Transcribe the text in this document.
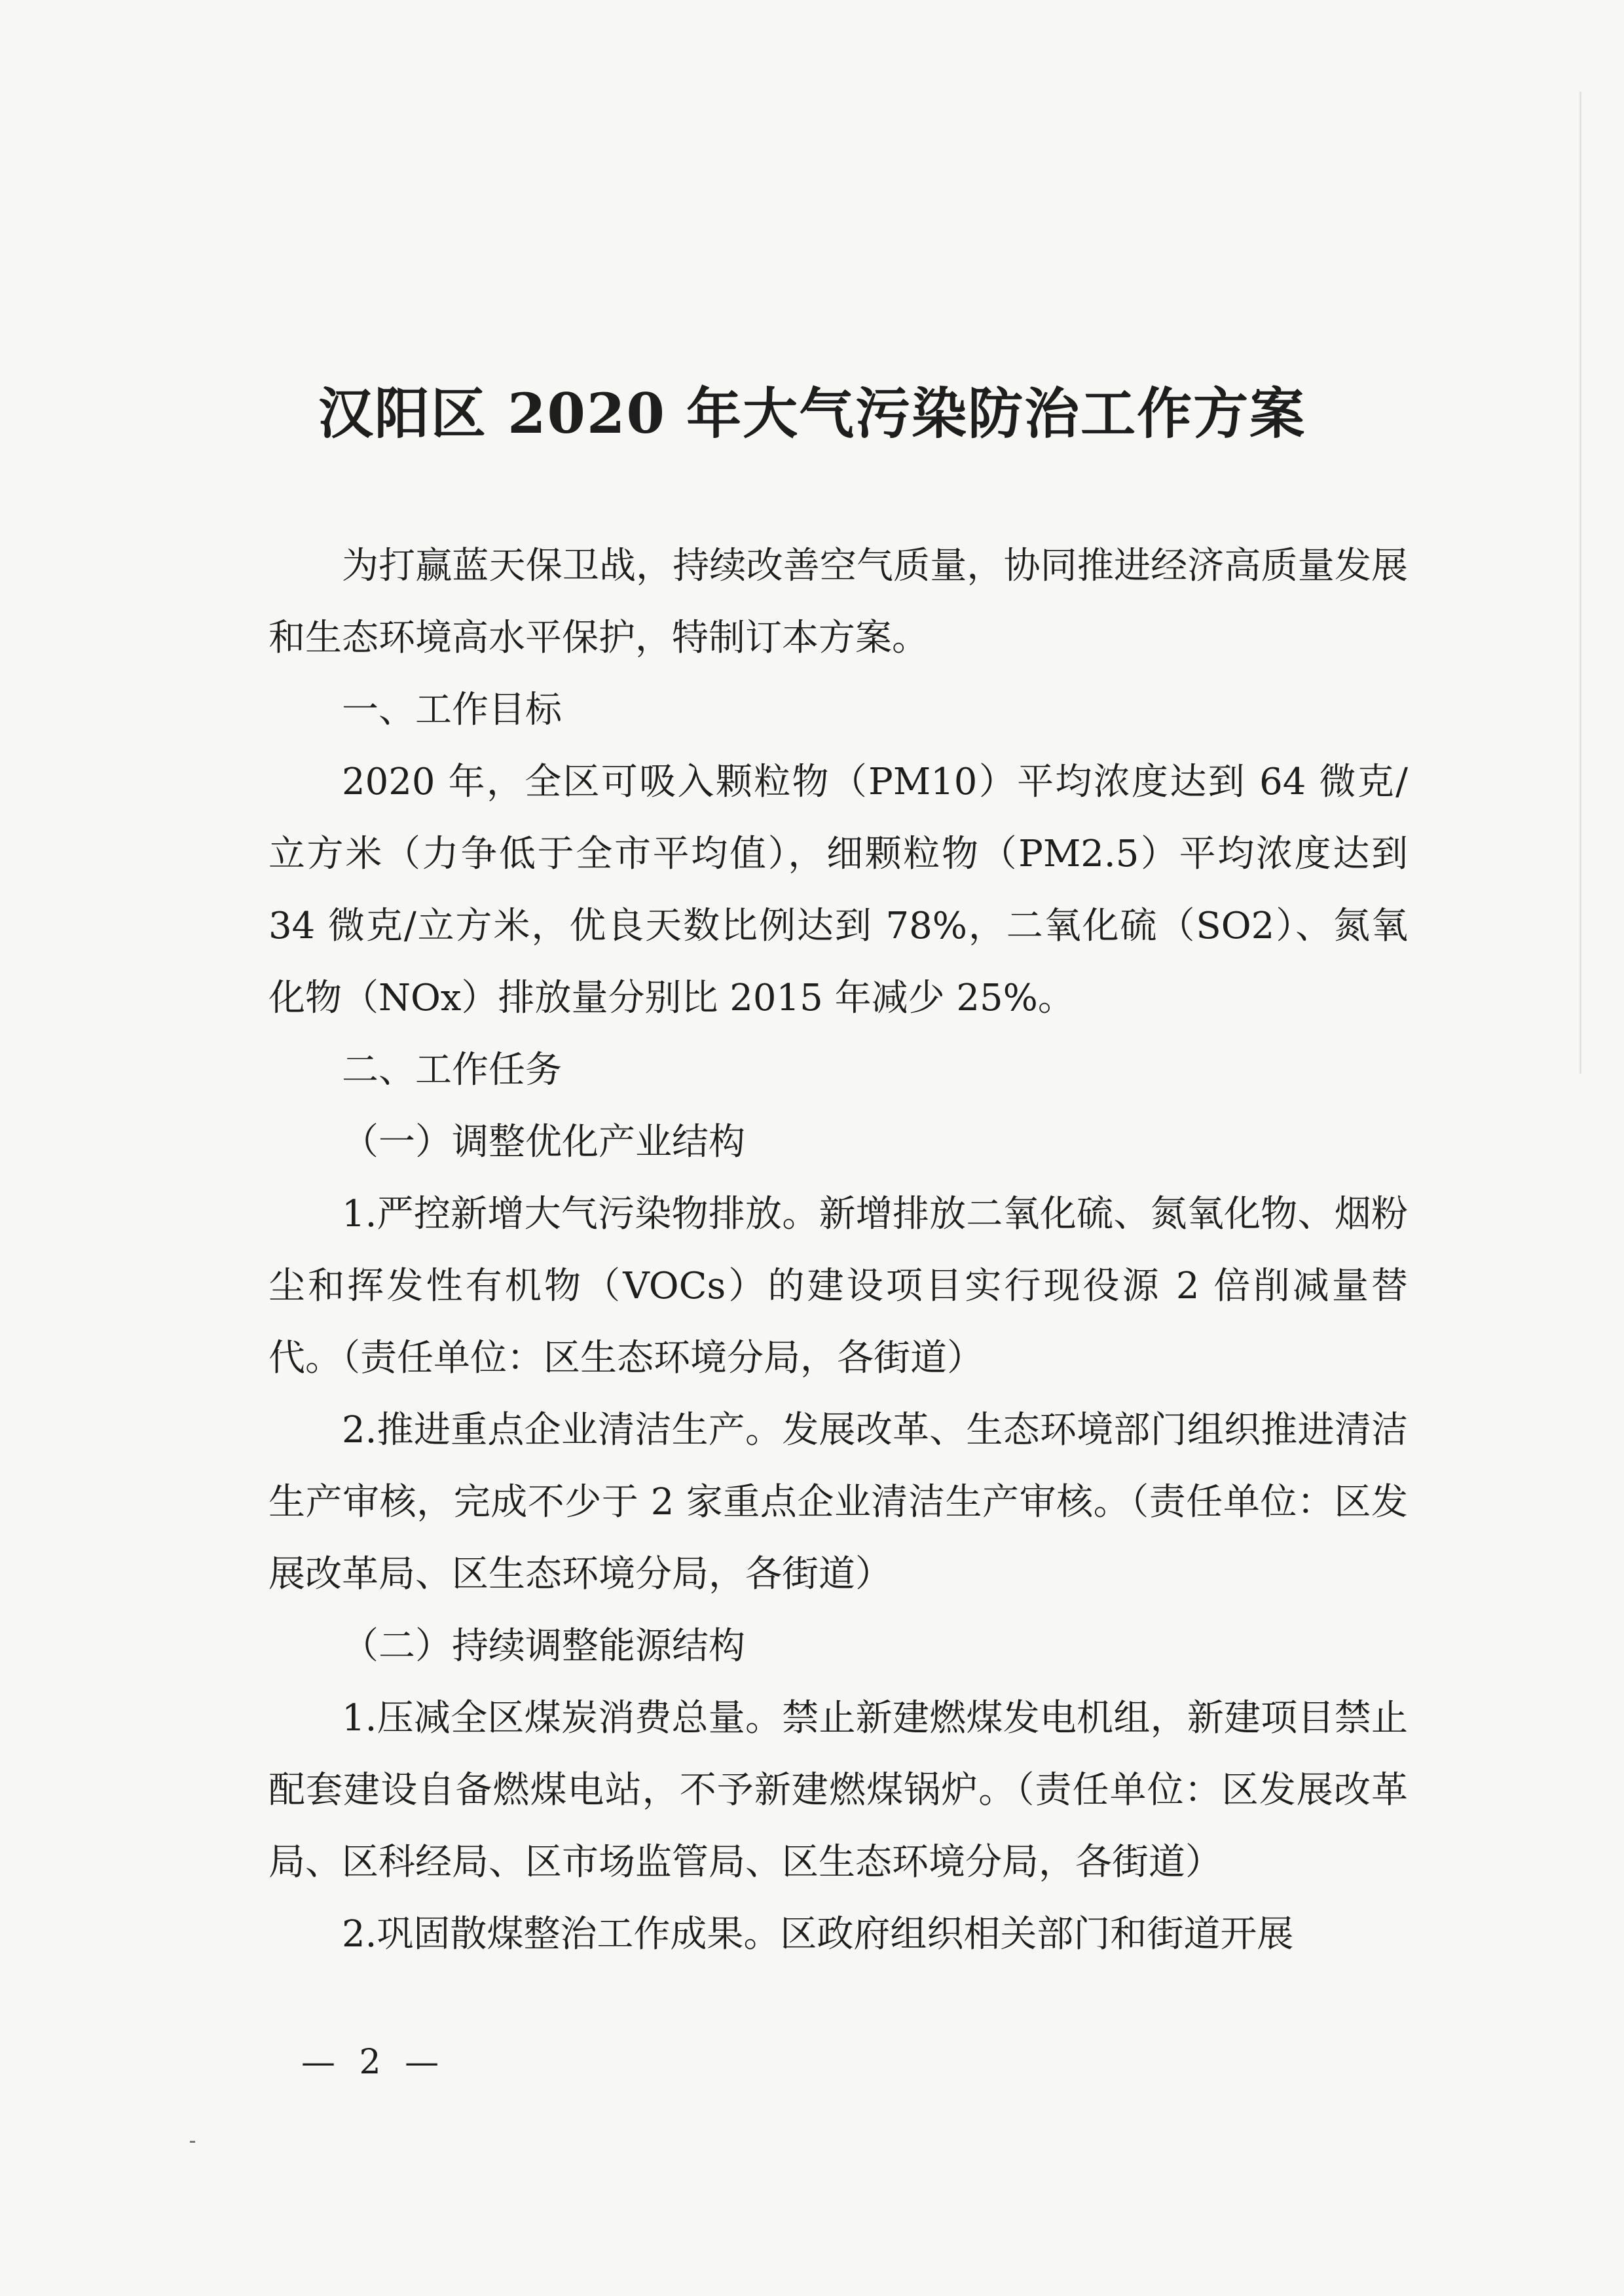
汉阳区 2020 年大气污染防治工作方案

为打赢蓝天保卫战，持续改善空气质量，协同推进经济高质量发展和生态环境高水平保护，特制订本方案。

一、工作目标

2020 年，全区可吸入颗粒物（PM10）平均浓度达到 64 微克/立方米（力争低于全市平均值），细颗粒物（PM2.5）平均浓度达到 34 微克/立方米，优良天数比例达到 78%，二氧化硫（SO2）、氮氧化物（NOx）排放量分别比 2015 年减少 25%。

二、工作任务

（一）调整优化产业结构

1.严控新增大气污染物排放。新增排放二氧化硫、氮氧化物、烟粉尘和挥发性有机物（VOCs）的建设项目实行现役源 2 倍削减量替代。（责任单位：区生态环境分局，各街道）

2.推进重点企业清洁生产。发展改革、生态环境部门组织推进清洁生产审核，完成不少于 2 家重点企业清洁生产审核。（责任单位：区发展改革局、区生态环境分局，各街道）

（二）持续调整能源结构

1.压减全区煤炭消费总量。禁止新建燃煤发电机组，新建项目禁止配套建设自备燃煤电站，不予新建燃煤锅炉。（责任单位：区发展改革局、区科经局、区市场监管局、区生态环境分局，各街道）

2.巩固散煤整治工作成果。区政府组织相关部门和街道开展

— 2 —
